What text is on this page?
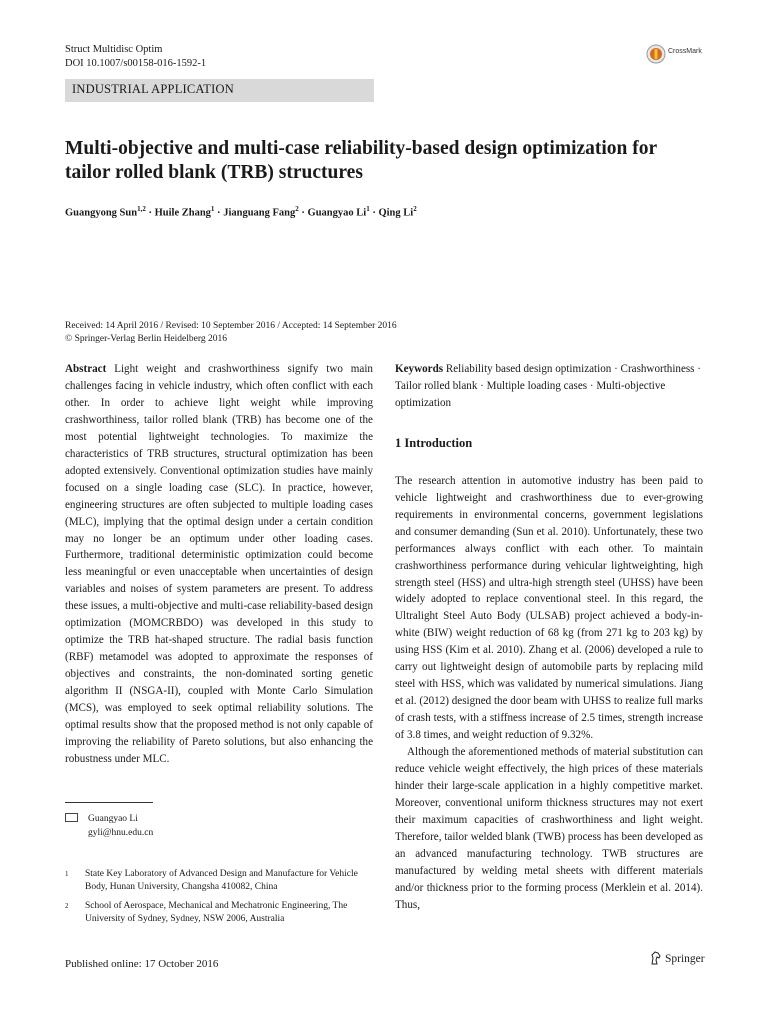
Struct Multidisc Optim
DOI 10.1007/s00158-016-1592-1
CrossMark
INDUSTRIAL APPLICATION
Multi-objective and multi-case reliability-based design optimization for tailor rolled blank (TRB) structures
Guangyong Sun$^{1,2}$ · Huile Zhang$^1$ · Jianguang Fang$^2$ · Guangyao $Li^1$ · Qing Li$^2$
Received: 14 April 2016 / Revised: 10 September 2016 / Accepted: 14 September 2016
© Springer-Verlag Berlin Heidelberg 2016
Abstract Light weight and crashworthiness signify two main challenges facing in vehicle industry, which often conflict with each other. In order to achieve light weight while improving crashworthiness, tailor rolled blank (TRB) has become one of the most potential lightweight technologies. To maximize the characteristics of TRB structures, structural optimization has been adopted extensively. Conventional optimization studies have mainly focused on a single loading case (SLC). In practice, however, engineering structures are often subjected to multiple loading cases (MLC), implying that the optimal design under a certain condition may no longer be an optimum under other loading cases. Furthermore, traditional deterministic optimization could become less meaningful or even unacceptable when uncertainties of design variables and noises of system parameters are present. To address these issues, a multi-objective and multi-case reliability-based design optimization (MOMCRBDO) was developed in this study to optimize the TRB hat-shaped structure. The radial basis function (RBF) metamodel was adopted to approximate the responses of objectives and constraints, the non-dominated sorting genetic algorithm II (NSGA-II), coupled with Monte Carlo Simulation (MCS), was employed to seek optimal reliability solutions. The optimal results show that the proposed method is not only capable of improving the reliability of Pareto solutions, but also enhancing the robustness under MLC.
Keywords Reliability based design optimization · Crashworthiness · Tailor rolled blank · Multiple loading cases · Multi-objective optimization
1 Introduction

The research attention in automotive industry has been paid to vehicle lightweight and crashworthiness due to ever-growing requirements in environmental concerns, government legislations and consumer demanding (Sun et al. 2010). Unfortunately, these two performances always conflict with each other. To maintain crashworthiness performance during vehicular lightweighting, high strength steel (HSS) and ultra-high strength steel (UHSS) have been widely adopted to replace conventional steel. In this regard, the Ultralight Steel Auto Body (ULSAB) project achieved a body-in-white (BIW) weight reduction of 68 kg (from 271 kg to 203 kg) by using HSS (Kim et al. 2010). Zhang et al. (2006) developed a rule to carry out lightweight design of automobile parts by replacing mild steel with HSS, which was validated by numerical simulations. Jiang et al. (2012) designed the door beam with UHSS to realize full marks of crash tests, with a stiffness increase of 2.5 times, strength increase of 3.8 times, and weight reduction of 9.32%.

Although the aforementioned methods of material substitution can reduce vehicle weight effectively, the high prices of these materials hinder their large-scale application in a highly competitive market. Moreover, conventional uniform thickness structures may not exert their maximum capacities of crashworthiness and light weight. Therefore, tailor welded blank (TWB) process has been developed as an advanced manufacturing technology. TWB structures are manufactured by welding metal sheets with different materials and/or thickness prior to the forming process (Merklein et al. 2014). Thus,

Guangyao Li
gyli@hnu.edu.cn
1 State Key Laboratory of Advanced Design and Manufacture for Vehicle Body, Hunan University, Changsha 410082, China
2 School of Aerospace, Mechanical and Mechatronic Engineering, The University of Sydney, Sydney, NSW 2006, Australia
Published online: 17 October 2016	Springer
